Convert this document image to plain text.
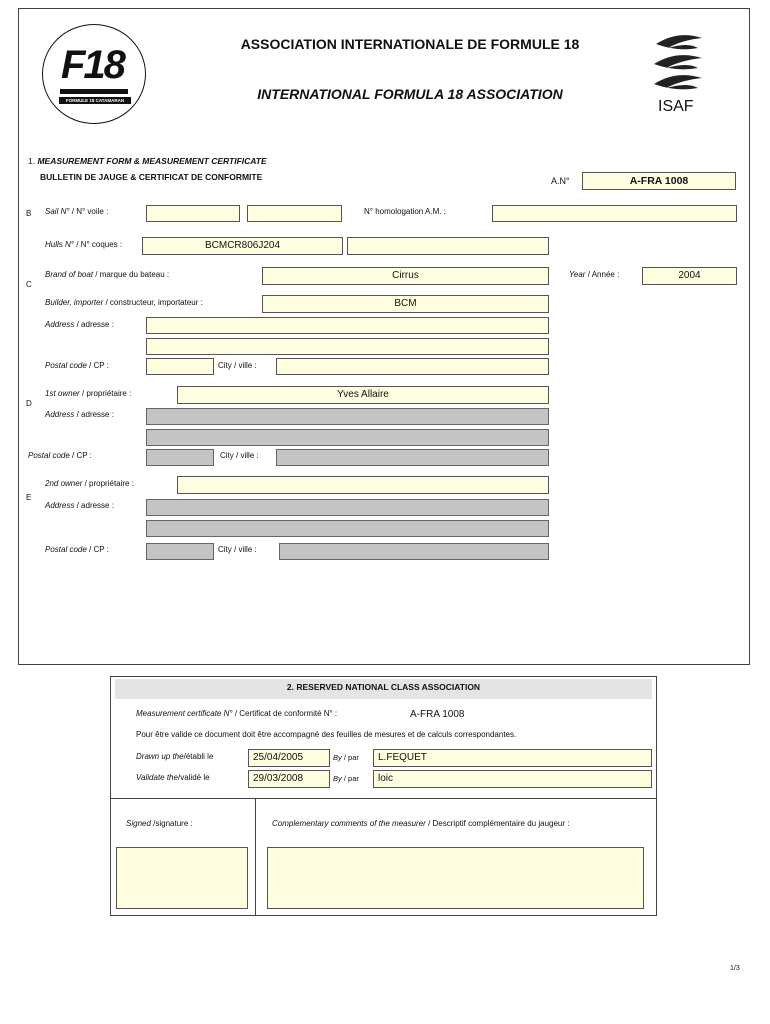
F18
FORMULE 18 CATAMARAN
ASSOCIATION INTERNATIONALE DE FORMULE 18
INTERNATIONAL FORMULA 18 ASSOCIATION
ISAF
1. MEASUREMENT FORM & MEASUREMENT CERTIFICATE
BULLETIN DE JAUGE & CERTIFICAT DE CONFORMITE	A.N°	A-FRA 1008
B Sail N° / N° voile :	N° homologation A.M. :
Hulls N° / N° coques :	BCMCR806J204
C
Brand of boat / marque du bateau :	Cirrus	Year / Année :	2004
Builder, importer / constructeur, importateur :	BCM
Address / adresse :
Postal code / CP :	City / ville :
D
1st owner / propriétaire :	Yves Allaire
Address / adresse :
Postal code / CP :	City / ville :
E
2nd owner / propriétaire :
Address / adresse :
Postal code / CP :	City / ville :
2. RESERVED NATIONAL CLASS ASSOCIATION
Measurement certificate N° / Certificat de conformité N° :	A-FRA 1008
Pour être valide ce document doit être accompagné des feuilles de mesures et de calculs correspondantes.
Drawn up the/établi le	25/04/2005	By / par	L.FEQUET
Validate the/validé le	29/03/2008	By / par	loic
Signed /signature :	Complementary comments of the measurer / Descriptif complémentaire du jaugeur :
1/3
